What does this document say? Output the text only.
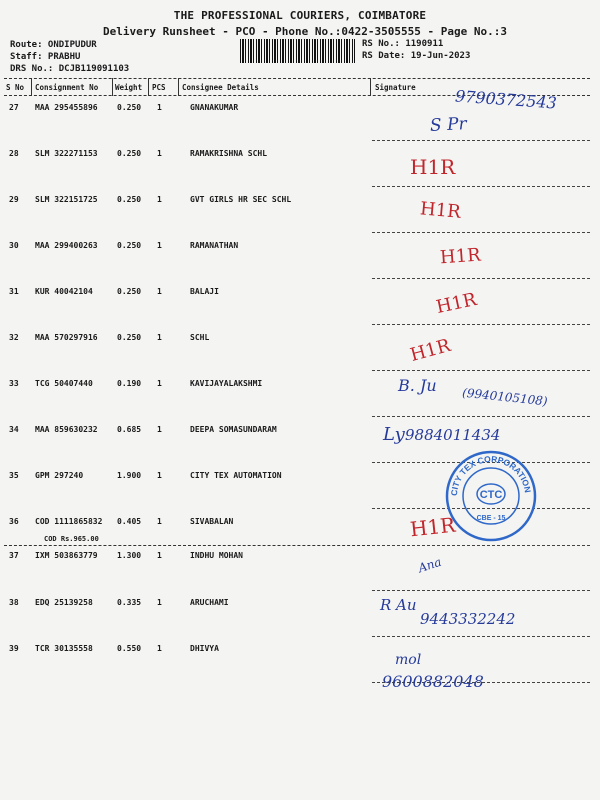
THE PROFESSIONAL COURIERS, COIMBATORE
Delivery Runsheet - PCO - Phone No.:0422-3505555 - Page No.:3
Route: ONDIPUDUR
Staff: PRABHU
DRS No.: DCJB119091103
RS No.: 1190911
RS Date: 19-Jun-2023
S No Consignment No Weight PCS Consignee Details	Signature
27 MAA 295455896 0.250 1	GNANAKUMAR
28 SLM 322271153 0.250 1	RAMAKRISHNA SCHL
29 SLM 322151725 0.250 1	GVT GIRLS HR SEC SCHL
30 MAA 299400263 0.250 1	RAMANATHAN
31 KUR 40042104	0.250 1	BALAJI
32 MAA 570297916 0.250 1	SCHL
33 TCG 50407440	0.190 1	KAVIJAYALAKSHMI
34 MAA 859630232 0.685 1	DEEPA SOMASUNDARAM
35 GPM 297240	1.900 1	CITY TEX AUTOMATION
36 COD 1111865832 0.405 1	SIVABALAN
COD Rs.965.00
37 IXM 503863779 1.300 1	INDHU MOHAN
38 EDQ 25139258	0.335 1	ARUCHAMI
39 TCR 30135558	0.550 1	DHIVYA
9790372543
S Pr
H1R
H1R
H1R
H1R
H1R
B. Ju
(9940105108)
Ly 9884011434
H1R
Ana
R Au
9443332242
mol
9600882048
CITY TEX CORPORATION
CTC
CBE - 15
